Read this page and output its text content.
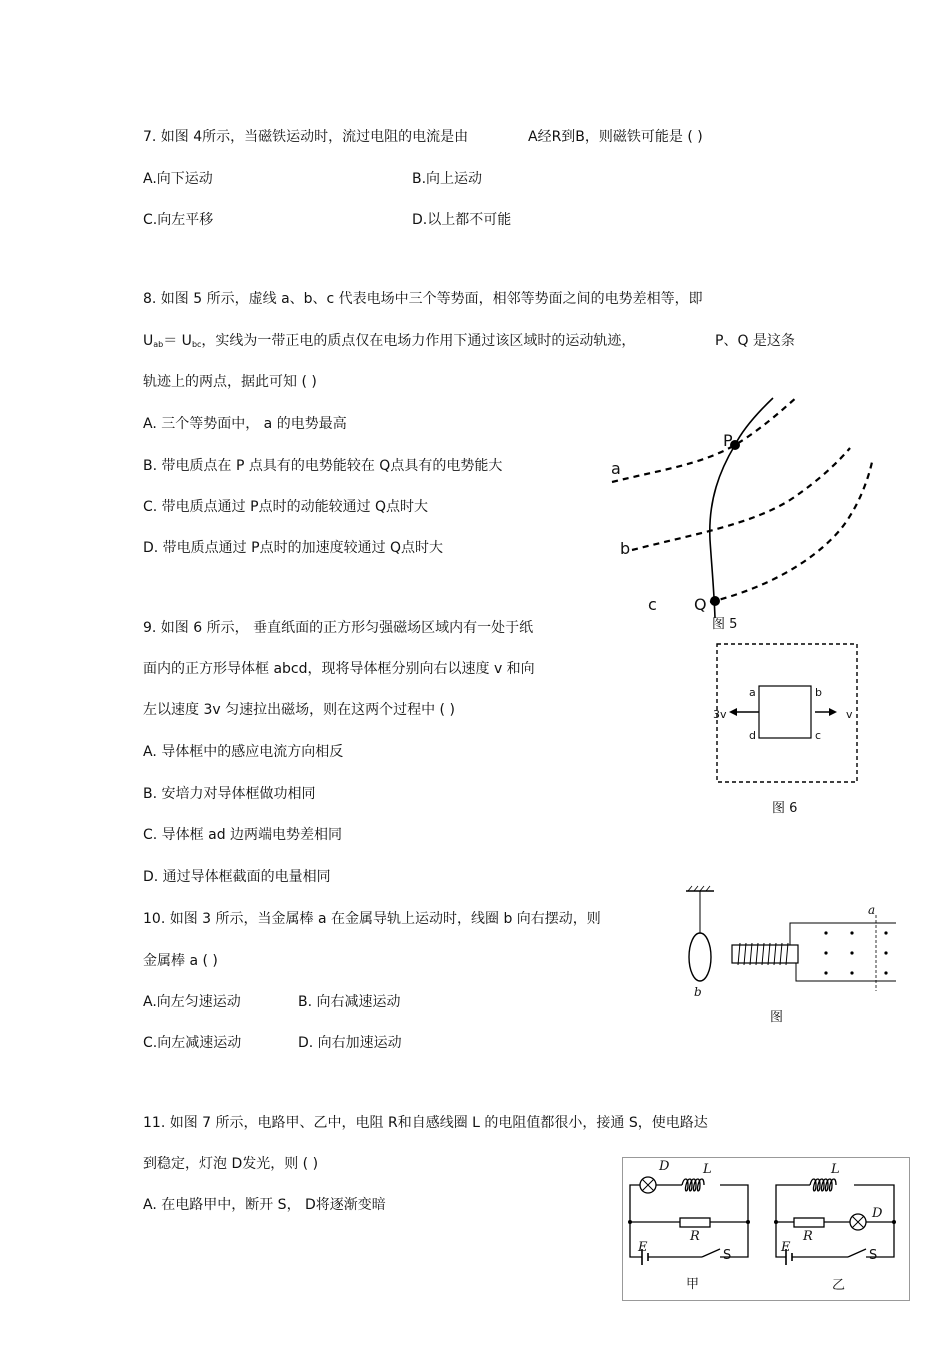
7. 如图 4所示，当磁铁运动时，流过电阻的电流是由	A经R到B，则磁铁可能是 ( )
A.向下运动	B.向上运动
C.向左平移	D.以上都不可能
8. 如图 5 所示，虚线 a、b、c 代表电场中三个等势面，相邻等势面之间的电势差相等，即
$U_{ab}= U_{bc}$，实线为一带正电的质点仅在电场力作用下通过该区域时的运动轨迹，	P、Q 是这条
轨迹上的两点，据此可知 ( )
A. 三个等势面中， a 的电势最高
B. 带电质点在 P 点具有的电势能较在 Q点具有的电势能大
C. 带电质点通过 P点时的动能较通过 Q点时大
D. 带电质点通过 P点时的加速度较通过 Q点时大
a
b
c
P
Q
图 5
9. 如图 6 所示， 垂直纸面的正方形匀强磁场区域内有一处于纸
面内的正方形导体框 abcd，现将导体框分别向右以速度 v 和向
左以速度 3v 匀速拉出磁场，则在这两个过程中 ( )
A. 导体框中的感应电流方向相反
B. 安培力对导体框做功相同
C. 导体框 ad 边两端电势差相同
D. 通过导体框截面的电量相同
a	b
c
d
3v	v
图 6
10. 如图 3 所示，当金属棒 a 在金属导轨上运动时，线圈 b 向右摆动，则
金属棒 a ( )
A.向左匀速运动	B. 向右减速运动
C.向左减速运动	D. 向右加速运动
a
b
图
11. 如图 7 所示，电路甲、乙中，电阻 R和自感线圈 L 的电阻值都很小，接通 S，使电路达
到稳定，灯泡 D发光，则 ( )
A. 在电路甲中，断开 S， D将逐渐变暗
D	L
R
E
S
甲
L
D
R
E
S
乙
